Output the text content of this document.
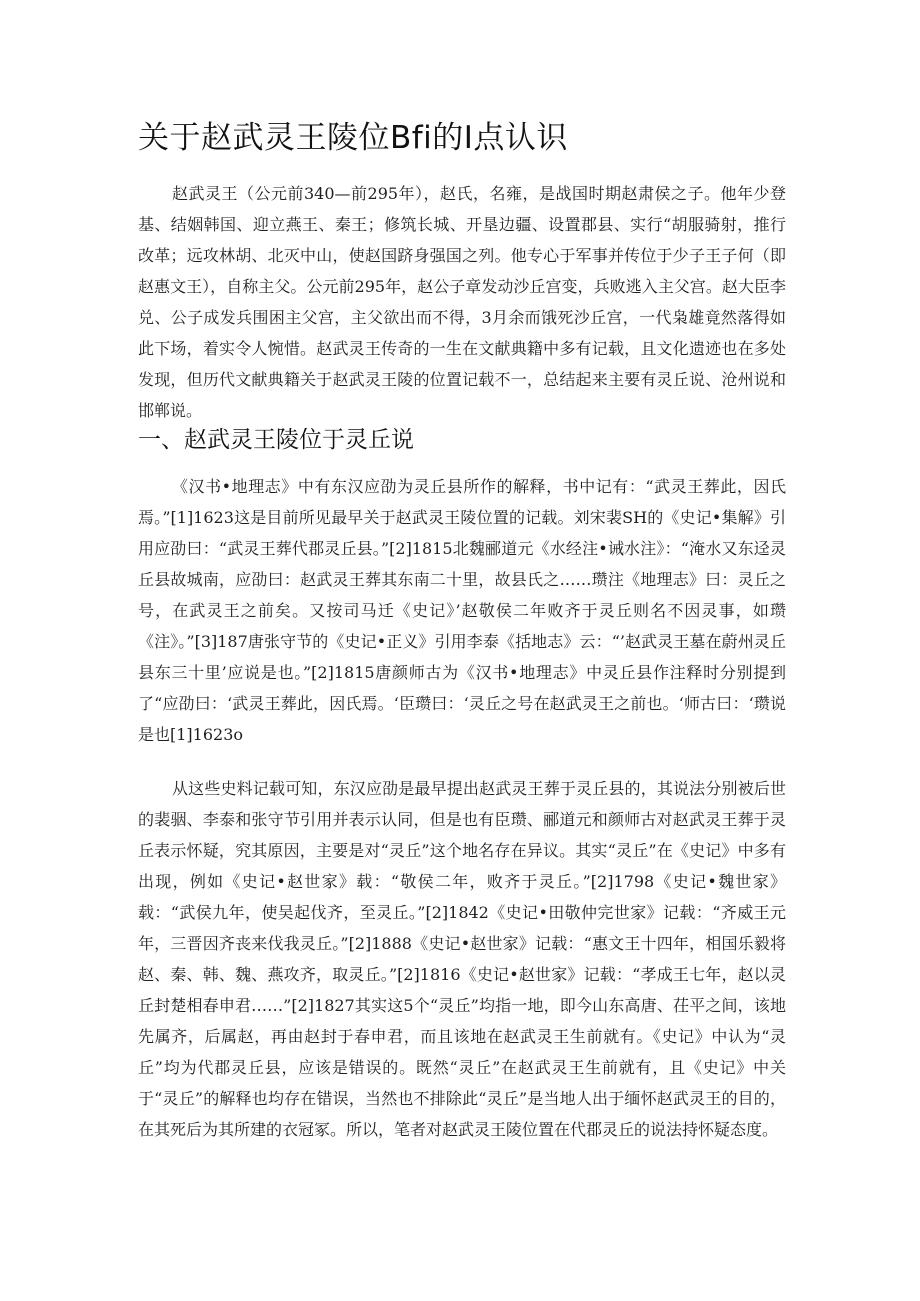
关于赵武灵王陵位Bfi的I点认识

赵武灵王（公元前340—前295年），赵氏，名雍，是战国时期赵肃侯之子。他年少登基、结姻韩国、迎立燕王、秦王；修筑长城、开垦边疆、设置郡县、实行“胡服骑射，推行改革；远攻林胡、北灭中山，使赵国跻身强国之列。他专心于军事并传位于少子王子何（即赵惠文王），自称主父。公元前295年，赵公子章发动沙丘宫变，兵败逃入主父宫。赵大臣李兑、公子成发兵围困主父宫，主父欲出而不得，3月余而饿死沙丘宫，一代枭雄竟然落得如此下场，着实令人惋惜。赵武灵王传奇的一生在文献典籍中多有记载，且文化遗迹也在多处发现，但历代文献典籍关于赵武灵王陵的位置记载不一，总结起来主要有灵丘说、沧州说和邯郸说。

一、赵武灵王陵位于灵丘说

《汉书•地理志》中有东汉应劭为灵丘县所作的解释，书中记有：“武灵王葬此，因氏焉。”[1]1623这是目前所见最早关于赵武灵王陵位置的记载。刘宋裴SH的《史记•集解》引用应劭曰：“武灵王葬代郡灵丘县。”[2]1815北魏郦道元《水经注•诫水注》：“淹水又东迳灵丘县故城南，应劭曰：赵武灵王葬其东南二十里，故县氏之……瓒注《地理志》曰：灵丘之号，在武灵王之前矣。又按司马迁《史记》’赵敬侯二年败齐于灵丘则名不因灵事，如瓒《注》。”[3]187唐张守节的《史记•正义》引用李泰《括地志》云：“’赵武灵王墓在蔚州灵丘县东三十里’应说是也。”[2]1815唐颜师古为《汉书•地理志》中灵丘县作注释时分别提到了“应劭曰：‘武灵王葬此，因氏焉。‘臣瓒曰：‘灵丘之号在赵武灵王之前也。‘师古曰：‘瓒说是也[1]1623o

从这些史料记载可知，东汉应劭是最早提出赵武灵王葬于灵丘县的，其说法分别被后世的裴骃、李泰和张守节引用并表示认同，但是也有臣瓒、郦道元和颜师古对赵武灵王葬于灵丘表示怀疑，究其原因，主要是对“灵丘”这个地名存在异议。其实“灵丘”在《史记》中多有出现，例如《史记•赵世家》载：“敬侯二年，败齐于灵丘。”[2]1798《史记•魏世家》载：“武侯九年，使吴起伐齐，至灵丘。”[2]1842《史记•田敬仲完世家》记载：“齐威王元年，三晋因齐丧来伐我灵丘。”[2]1888《史记•赵世家》记载：“惠文王十四年，相国乐毅将赵、秦、韩、魏、燕攻齐，取灵丘。”[2]1816《史记•赵世家》记载：“孝成王七年，赵以灵丘封楚相春申君……”[2]1827其实这5个“灵丘”均指一地，即今山东高唐、茌平之间，该地先属齐，后属赵，再由赵封于春申君，而且该地在赵武灵王生前就有。《史记》中认为“灵丘”均为代郡灵丘县，应该是错误的。既然“灵丘”在赵武灵王生前就有，且《史记》中关于“灵丘”的解释也均存在错误，当然也不排除此“灵丘”是当地人出于缅怀赵武灵王的目的，在其死后为其所建的衣冠冢。所以，笔者对赵武灵王陵位置在代郡灵丘的说法持怀疑态度。
